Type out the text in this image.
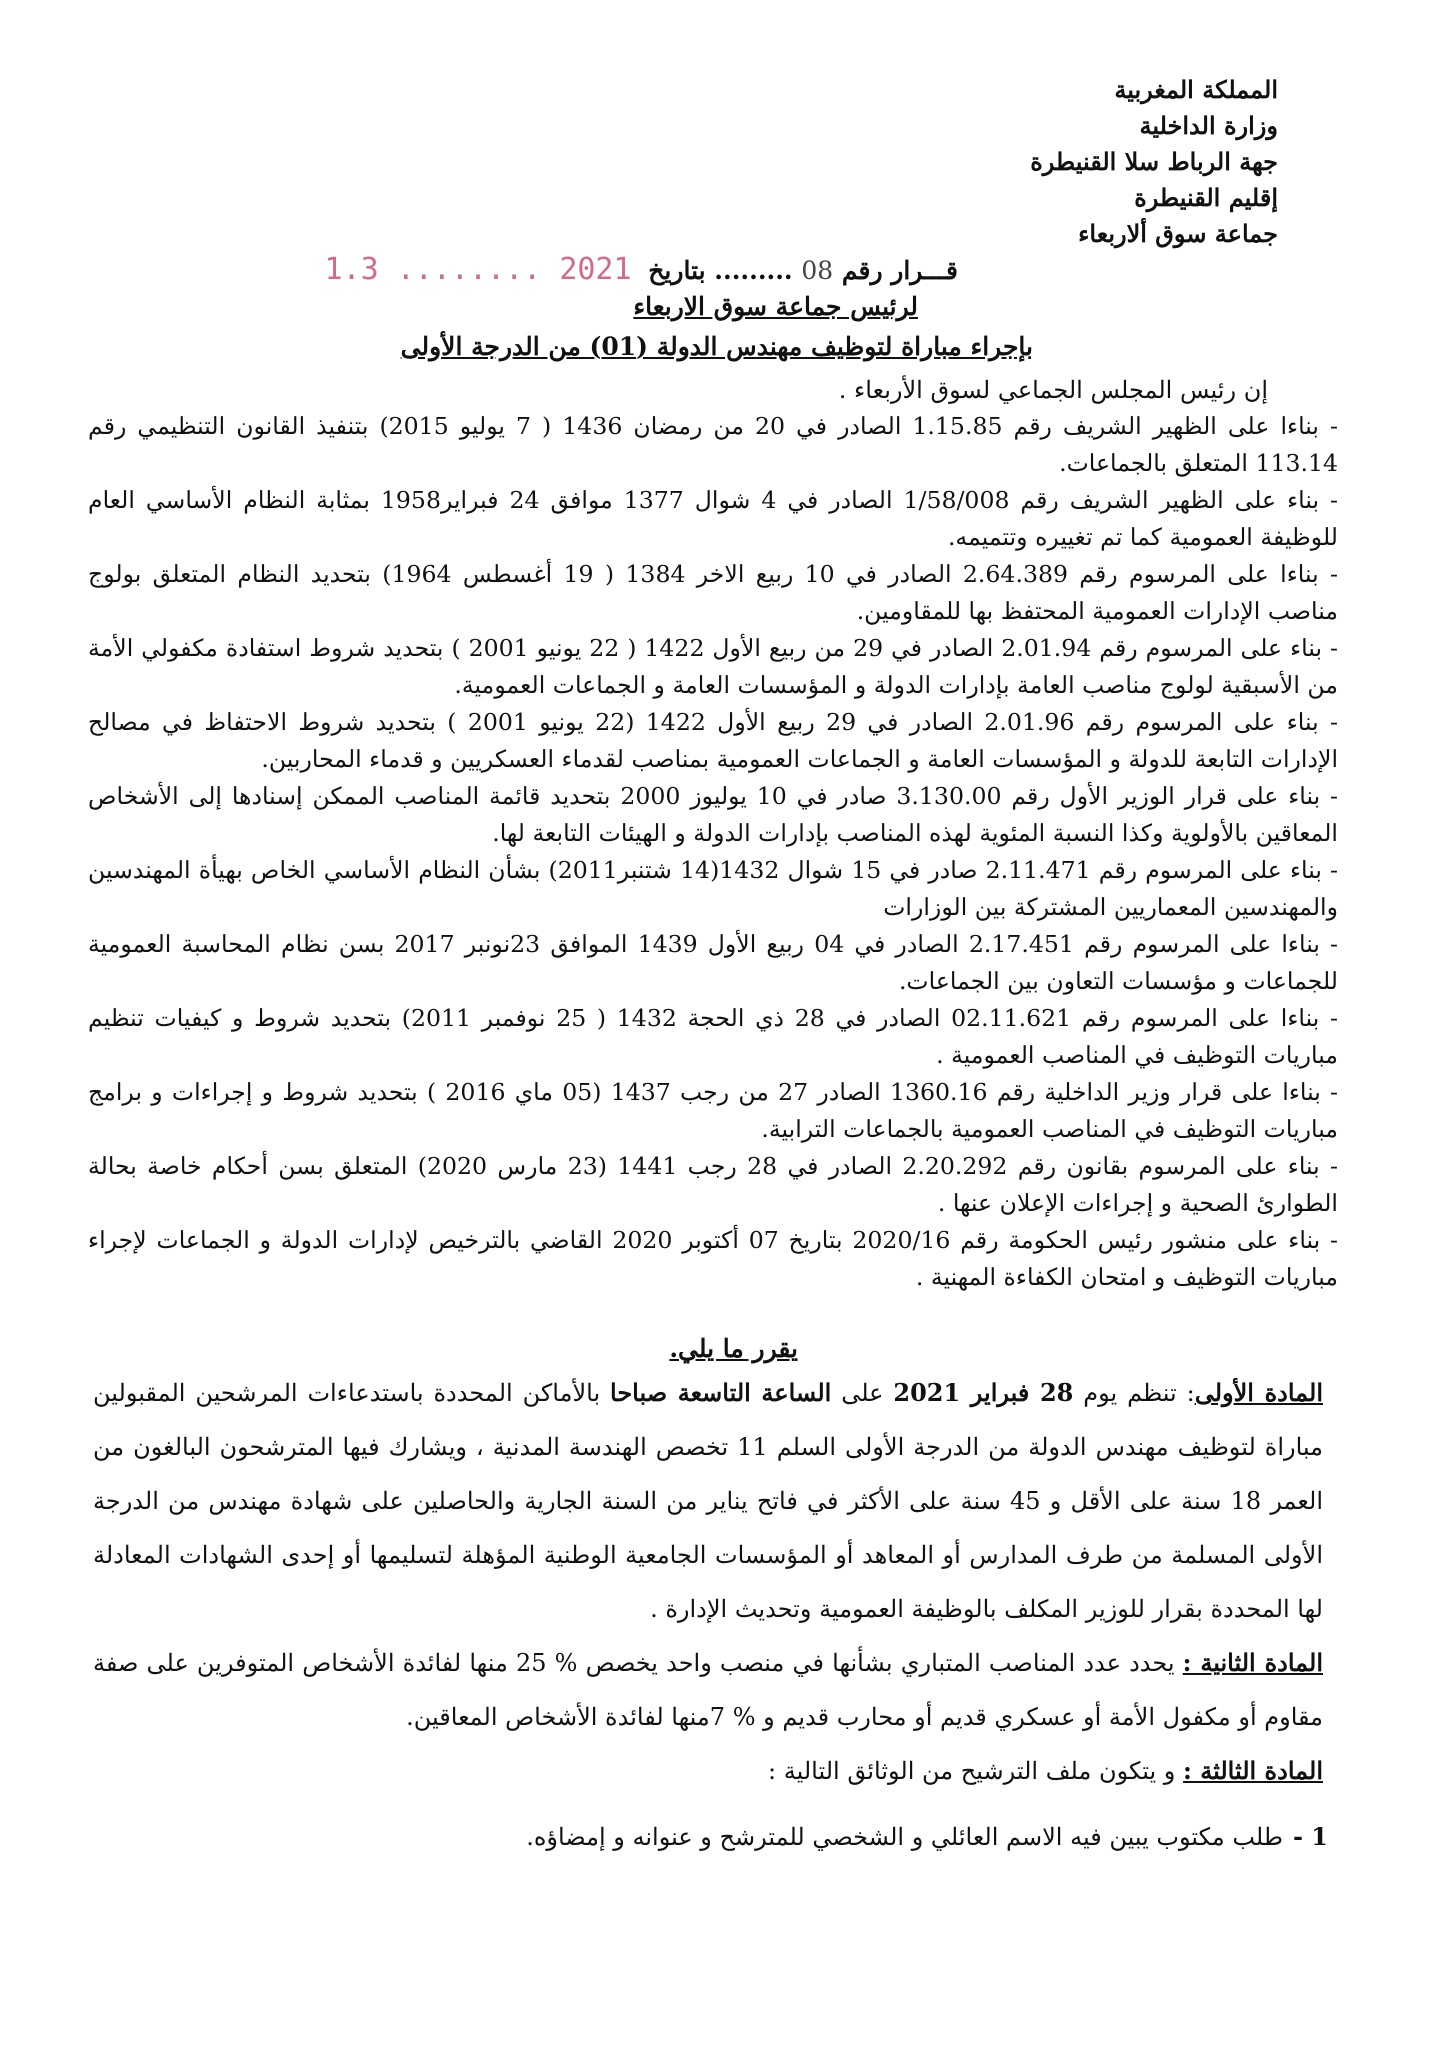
المملكة المغربية
وزارة الداخلية
جهة الرباط سلا القنيطرة
إقليم القنيطرة
جماعة سوق ألاربعاء
قـــرار رقم 08 ......... بتاريخ 2021 ........ 1.3
لرئيس جماعة سوق الاربعاء
بإجراء مباراة لتوظيف مهندس الدولة (01) من الدرجة الأولى
إن رئيس المجلس الجماعي لسوق الأربعاء .

- بناءا على الظهير الشريف رقم 1.15.85 الصادر في 20 من رمضان 1436 ( 7 يوليو 2015) بتنفيذ القانون التنظيمي رقم 113.14 المتعلق بالجماعات.

- بناء على الظهير الشريف رقم 1/58/008 الصادر في 4 شوال 1377 موافق 24 فبراير1958 بمثابة النظام الأساسي العام للوظيفة العمومية كما تم تغييره وتتميمه.

- بناءا على المرسوم رقم 2.64.389 الصادر في 10 ربيع الاخر 1384 ( 19 أغسطس 1964) بتحديد النظام المتعلق بولوج مناصب الإدارات العمومية المحتفظ بها للمقاومين.

- بناء على المرسوم رقم 2.01.94 الصادر في 29 من ربيع الأول 1422 ( 22 يونيو 2001 ) بتحديد شروط استفادة مكفولي الأمة من الأسبقية لولوج مناصب العامة بإدارات الدولة و المؤسسات العامة و الجماعات العمومية.

- بناء على المرسوم رقم 2.01.96 الصادر في 29 ربيع الأول 1422 (22 يونيو 2001 ) بتحديد شروط الاحتفاظ في مصالح الإدارات التابعة للدولة و المؤسسات العامة و الجماعات العمومية بمناصب لقدماء العسكريين و قدماء المحاربين.

- بناء على قرار الوزير الأول رقم 3.130.00 صادر في 10 يوليوز 2000 بتحديد قائمة المناصب الممكن إسنادها إلى الأشخاص المعاقين بالأولوية وكذا النسبة المئوية لهذه المناصب بإدارات الدولة و الهيئات التابعة لها.

- بناء على المرسوم رقم 2.11.471 صادر في 15 شوال 1432(14 شتنبر2011) بشأن النظام الأساسي الخاص بهيأة المهندسين والمهندسين المعماريين المشتركة بين الوزارات

- بناءا على المرسوم رقم 2.17.451 الصادر في 04 ربيع الأول 1439 الموافق 23نونبر 2017 بسن نظام المحاسبة العمومية للجماعات و مؤسسات التعاون بين الجماعات.

- بناءا على المرسوم رقم 02.11.621 الصادر في 28 ذي الحجة 1432 ( 25 نوفمبر 2011) بتحديد شروط و كيفيات تنظيم مباريات التوظيف في المناصب العمومية .

- بناءا على قرار وزير الداخلية رقم 1360.16 الصادر 27 من رجب 1437 (05 ماي 2016 ) بتحديد شروط و إجراءات و برامج مباريات التوظيف في المناصب العمومية بالجماعات الترابية.

- بناء على المرسوم بقانون رقم 2.20.292 الصادر في 28 رجب 1441 (23 مارس 2020) المتعلق بسن أحكام خاصة بحالة الطوارئ الصحية و إجراءات الإعلان عنها .

- بناء على منشور رئيس الحكومة رقم 2020/16 بتاريخ 07 أكتوبر 2020 القاضي بالترخيص لإدارات الدولة و الجماعات لإجراء مباريات التوظيف و امتحان الكفاءة المهنية .

يقرر ما يلي.

المادة الأولى: تنظم يوم 28 فبراير 2021 على الساعة التاسعة صباحا بالأماكن المحددة باستدعاءات المرشحين المقبولين مباراة لتوظيف مهندس الدولة من الدرجة الأولى السلم 11 تخصص الهندسة المدنية ، ويشارك فيها المترشحون البالغون من العمر 18 سنة على الأقل و 45 سنة على الأكثر في فاتح يناير من السنة الجارية والحاصلين على شهادة مهندس من الدرجة الأولى المسلمة من طرف المدارس أو المعاهد أو المؤسسات الجامعية الوطنية المؤهلة لتسليمها أو إحدى الشهادات المعادلة لها المحددة بقرار للوزير المكلف بالوظيفة العمومية وتحديث الإدارة .

المادة الثانية : يحدد عدد المناصب المتباري بشأنها في منصب واحد يخصص % 25 منها لفائدة الأشخاص المتوفرين على صفة مقاوم أو مكفول الأمة أو عسكري قديم أو محارب قديم و % 7منها لفائدة الأشخاص المعاقين.

المادة الثالثة : و يتكون ملف الترشيح من الوثائق التالية :

1 -طلب مكتوب يبين فيه الاسم العائلي و الشخصي للمترشح و عنوانه و إمضاؤه.
